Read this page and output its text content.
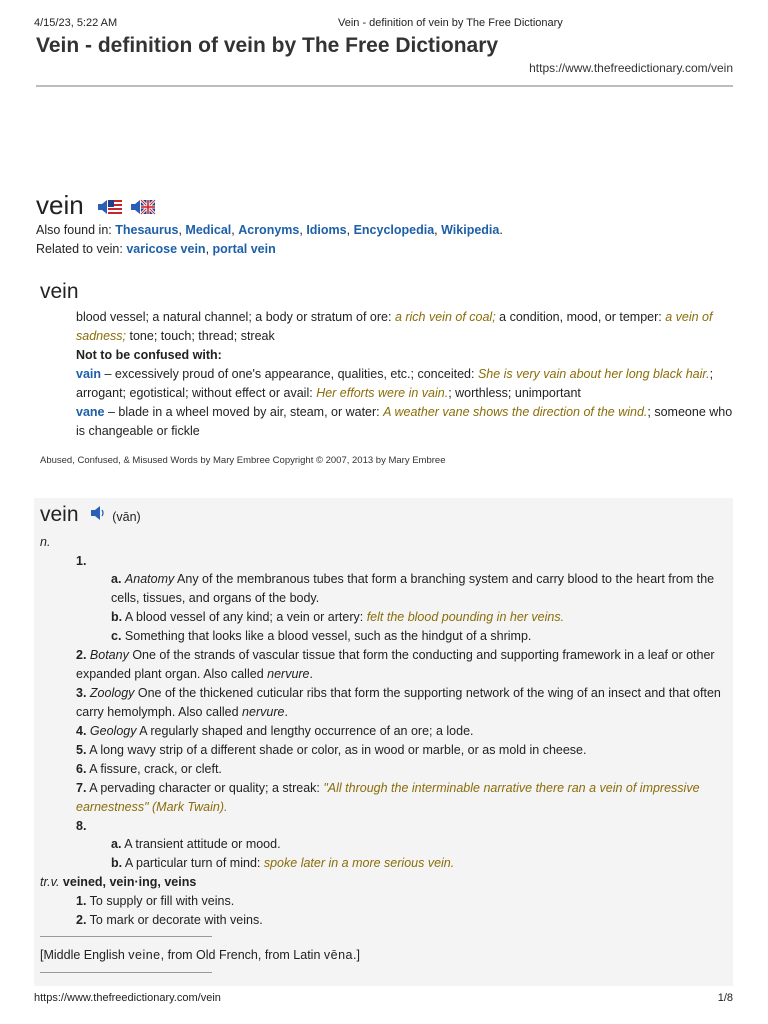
4/15/23, 5:22 AM	Vein - definition of vein by The Free Dictionary
Vein - definition of vein by The Free Dictionary
https://www.thefreedictionary.com/vein
vein
Also found in: Thesaurus, Medical, Acronyms, Idioms, Encyclopedia, Wikipedia.
Related to vein: varicose vein, portal vein
vein
blood vessel; a natural channel; a body or stratum of ore: a rich vein of coal; a condition, mood, or temper: a vein of
sadness; tone; touch; thread; streak
Not to be confused with:
vain – excessively proud of one's appearance, qualities, etc.; conceited: She is very vain about her long black hair.;
arrogant; egotistical; without effect or avail: Her efforts were in vain.; worthless; unimportant
vane – blade in a wheel moved by air, steam, or water: A weather vane shows the direction of the wind.; someone who
is changeable or fickle
Abused, Confused, & Misused Words by Mary Embree Copyright © 2007, 2013 by Mary Embree
vein	(vān)
n.
1.
a. Anatomy Any of the membranous tubes that form a branching system and carry blood to the heart from the
cells, tissues, and organs of the body.
b. A blood vessel of any kind; a vein or artery: felt the blood pounding in her veins.
c. Something that looks like a blood vessel, such as the hindgut of a shrimp.
2. Botany One of the strands of vascular tissue that form the conducting and supporting framework in a leaf or other
expanded plant organ. Also called nervure.
3. Zoology One of the thickened cuticular ribs that form the supporting network of the wing of an insect and that often
carry hemolymph. Also called nervure.
4. Geology A regularly shaped and lengthy occurrence of an ore; a lode.
5. A long wavy strip of a different shade or color, as in wood or marble, or as mold in cheese.
6. A fissure, crack, or cleft.
7. A pervading character or quality; a streak: "All through the interminable narrative there ran a vein of impressive
earnestness" (Mark Twain).
8.
a. A transient attitude or mood.
b. A particular turn of mind: spoke later in a more serious vein.
tr.v. veined, vein·ing, veins
1. To supply or fill with veins.
2. To mark or decorate with veins.
[Middle English veine, from Old French, from Latin vēna.]
https://www.thefreedictionary.com/vein	1/8
